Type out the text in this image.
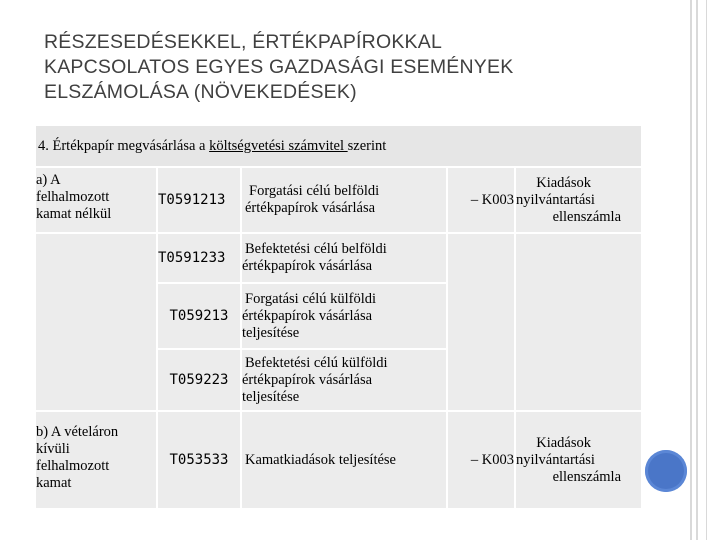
RÉSZESEDÉSEKKEL, ÉRTÉKPAPÍROKKAL
KAPCSOLATOS EGYES GAZDASÁGI ESEMÉNYEK
ELSZÁMOLÁSA (NÖVEKEDÉSEK)
4. Értékpapír megvásárlása a költségvetési számvitel szerint
a) A
felhalmozott
kamat nélkül
b) A vételáron
kívüli
felhalmozott
kamat
T0591213
T0591233
T059213
T059223
T053533
Forgatási célú belföldi
értékpapírok vásárlása
Befektetési célú belföldi
értékpapírok vásárlása
Forgatási célú külföldi
értékpapírok vásárlása
teljesítése
Befektetési célú külföldi
értékpapírok vásárlása
teljesítése
Kamatkiadások teljesítése
– K003
– K003
Kiadások
nyilvántartási
ellenszámla
Kiadások
nyilvántartási
ellenszámla
